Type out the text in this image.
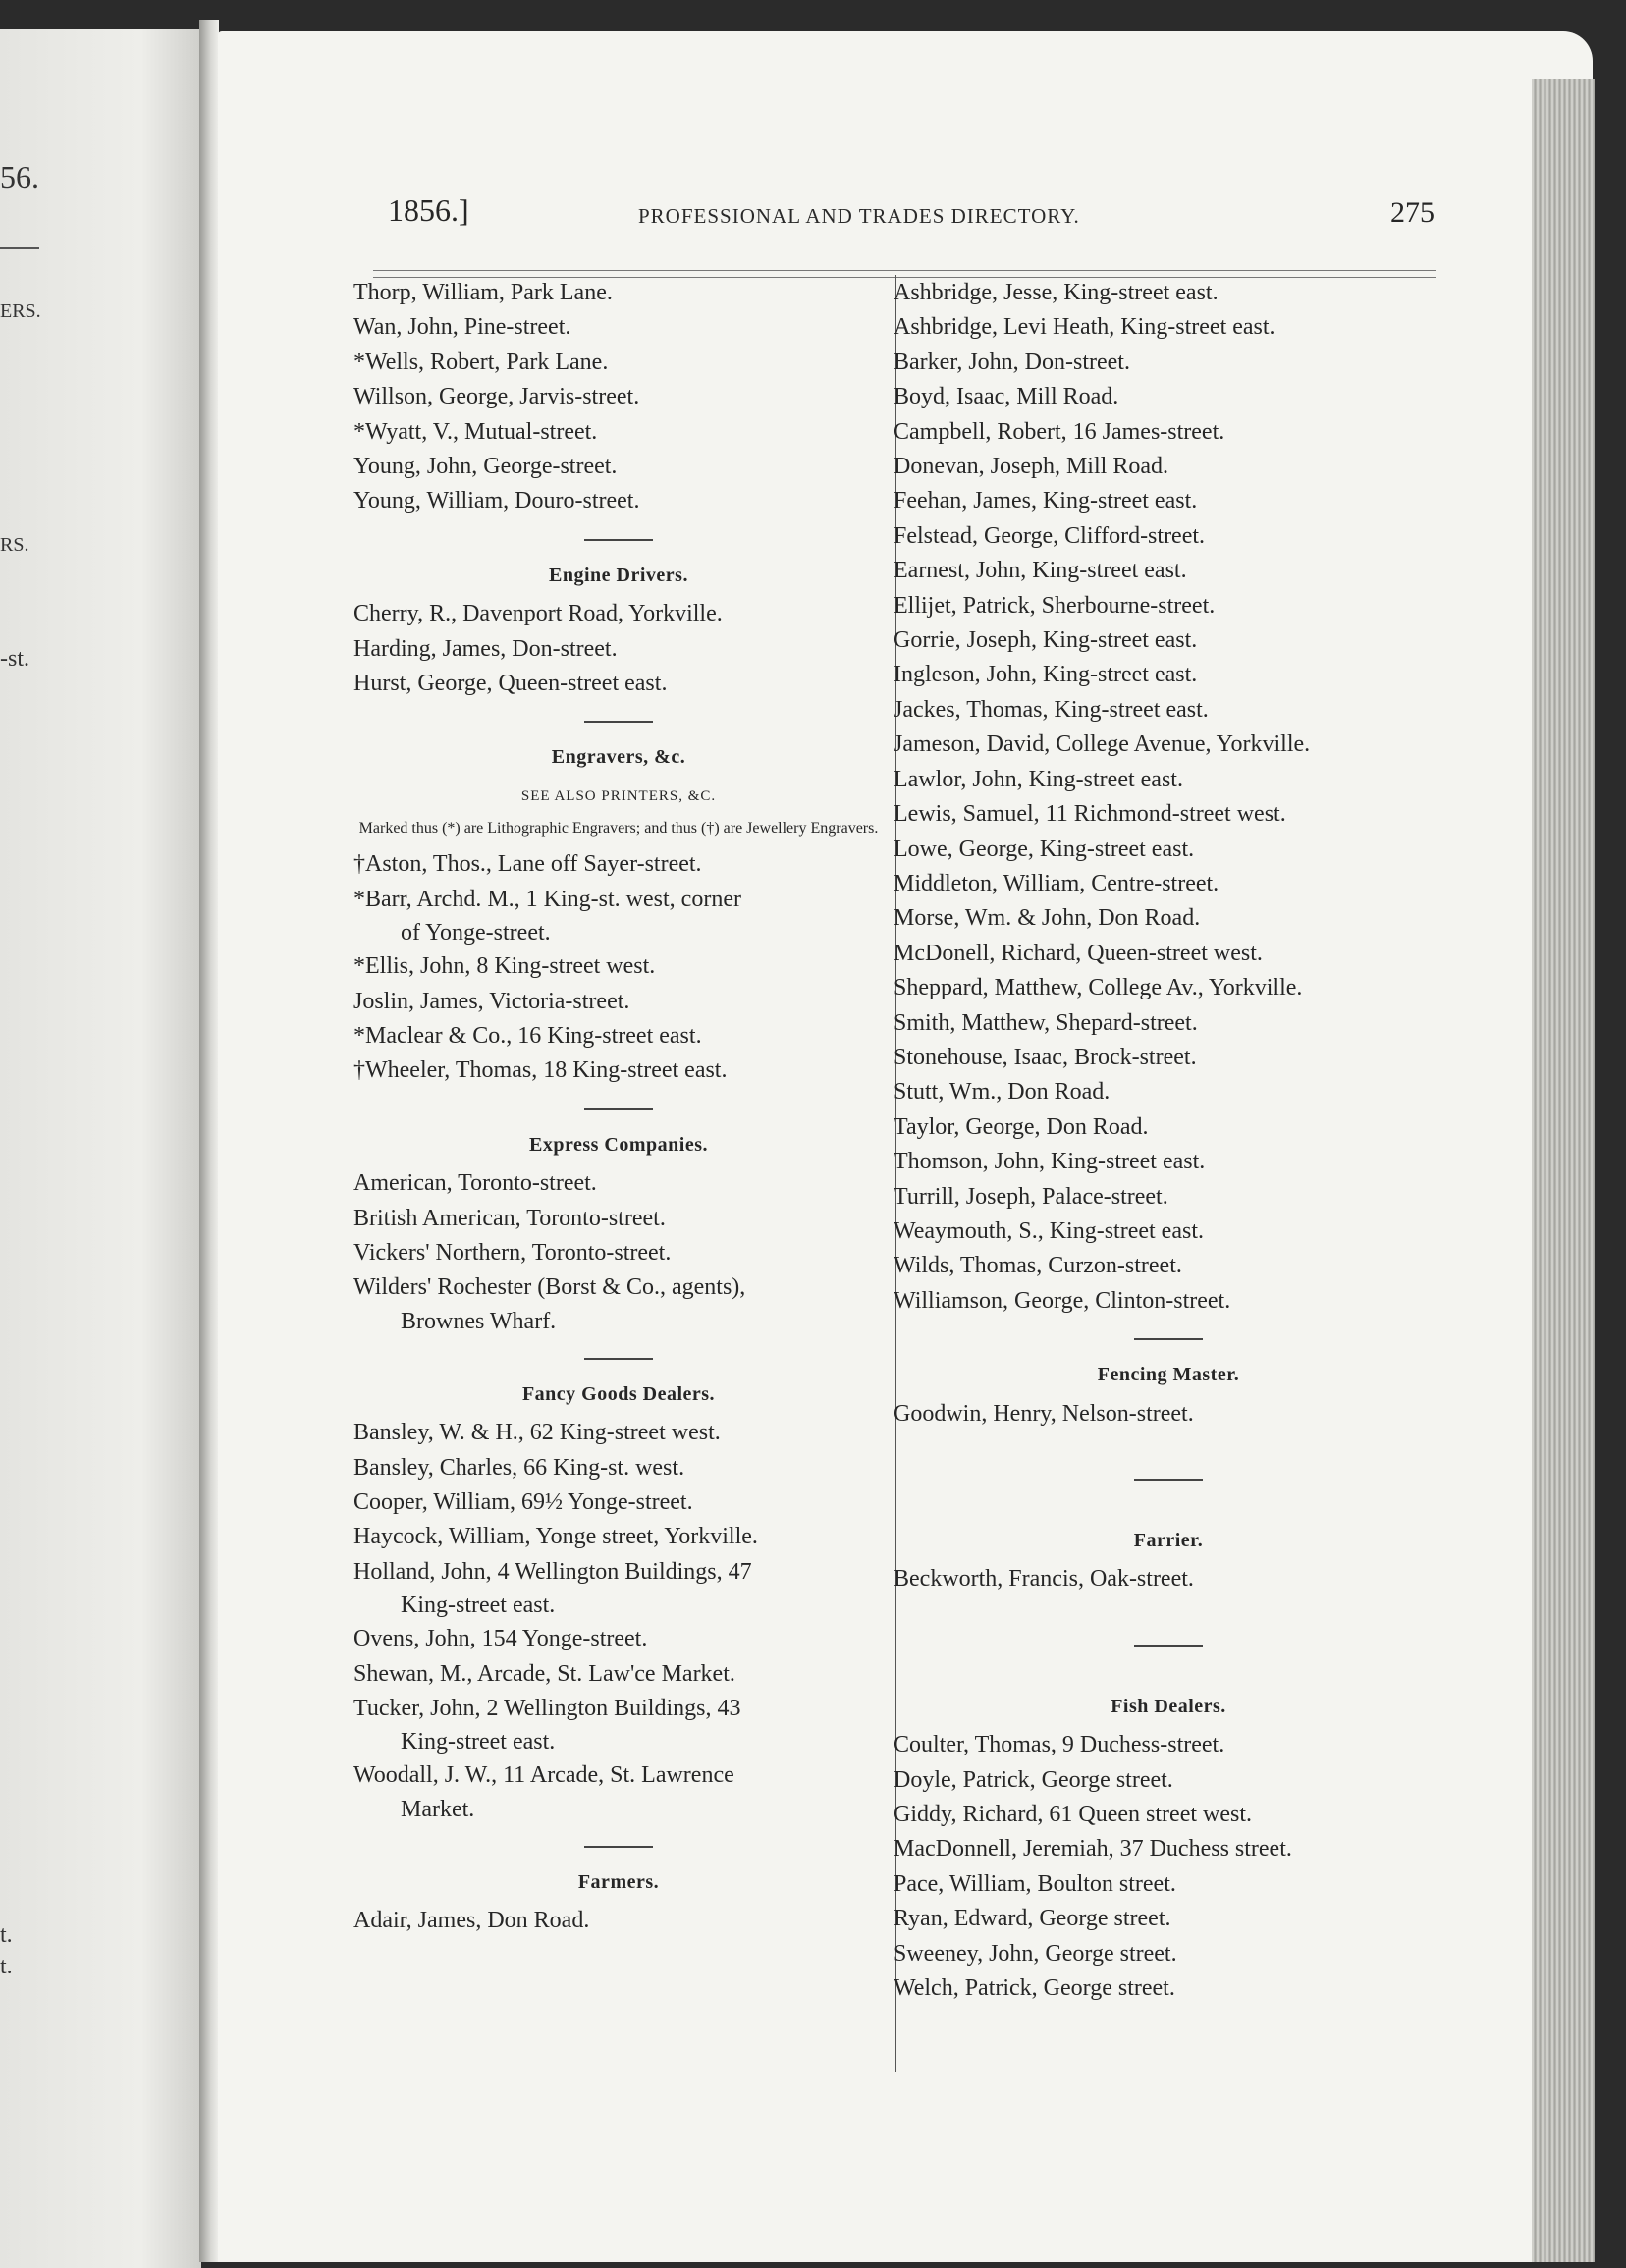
56.
ERS.
RS.
-st.
t.
t.
1856.]	PROFESSIONAL AND TRADES DIRECTORY.	275
Thorp, William, Park Lane.
Wan, John, Pine-street.
*Wells, Robert, Park Lane.
Willson, George, Jarvis-street.
*Wyatt, V., Mutual-street.
Young, John, George-street.
Young, William, Douro-street.
Engine Drivers.
Cherry, R., Davenport Road, Yorkville.
Harding, James, Don-street.
Hurst, George, Queen-street east.
Engravers, &c.
SEE ALSO PRINTERS, &C.
Marked thus (*) are Lithographic Engravers; and thus (†) are Jewellery Engravers.
†Aston, Thos., Lane off Sayer-street.
*Barr, Archd. M., 1 King-st. west, corner
of Yonge-street.
*Ellis, John, 8 King-street west.
Joslin, James, Victoria-street.
*Maclear & Co., 16 King-street east.
†Wheeler, Thomas, 18 King-street east.
Express Companies.
American, Toronto-street.
British American, Toronto-street.
Vickers' Northern, Toronto-street.
Wilders' Rochester (Borst & Co., agents),
Brownes Wharf.
Fancy Goods Dealers.
Bansley, W. & H., 62 King-street west.
Bansley, Charles, 66 King-st. west.
Cooper, William, 69½ Yonge-street.
Haycock, William, Yonge street, Yorkville.
Holland, John, 4 Wellington Buildings, 47
King-street east.
Ovens, John, 154 Yonge-street.
Shewan, M., Arcade, St. Law'ce Market.
Tucker, John, 2 Wellington Buildings, 43
King-street east.
Woodall, J. W., 11 Arcade, St. Lawrence
Market.
Farmers.
Adair, James, Don Road.
Ashbridge, Jesse, King-street east.
Ashbridge, Levi Heath, King-street east.
Barker, John, Don-street.
Boyd, Isaac, Mill Road.
Campbell, Robert, 16 James-street.
Donevan, Joseph, Mill Road.
Feehan, James, King-street east.
Felstead, George, Clifford-street.
Earnest, John, King-street east.
Ellijet, Patrick, Sherbourne-street.
Gorrie, Joseph, King-street east.
Ingleson, John, King-street east.
Jackes, Thomas, King-street east.
Jameson, David, College Avenue, Yorkville.
Lawlor, John, King-street east.
Lewis, Samuel, 11 Richmond-street west.
Lowe, George, King-street east.
Middleton, William, Centre-street.
Morse, Wm. & John, Don Road.
McDonell, Richard, Queen-street west.
Sheppard, Matthew, College Av., Yorkville.
Smith, Matthew, Shepard-street.
Stonehouse, Isaac, Brock-street.
Stutt, Wm., Don Road.
Taylor, George, Don Road.
Thomson, John, King-street east.
Turrill, Joseph, Palace-street.
Weaymouth, S., King-street east.
Wilds, Thomas, Curzon-street.
Williamson, George, Clinton-street.
Fencing Master.
Goodwin, Henry, Nelson-street.
Farrier.
Beckworth, Francis, Oak-street.
Fish Dealers.
Coulter, Thomas, 9 Duchess-street.
Doyle, Patrick, George street.
Giddy, Richard, 61 Queen street west.
MacDonnell, Jeremiah, 37 Duchess street.
Pace, William, Boulton street.
Ryan, Edward, George street.
Sweeney, John, George street.
Welch, Patrick, George street.
